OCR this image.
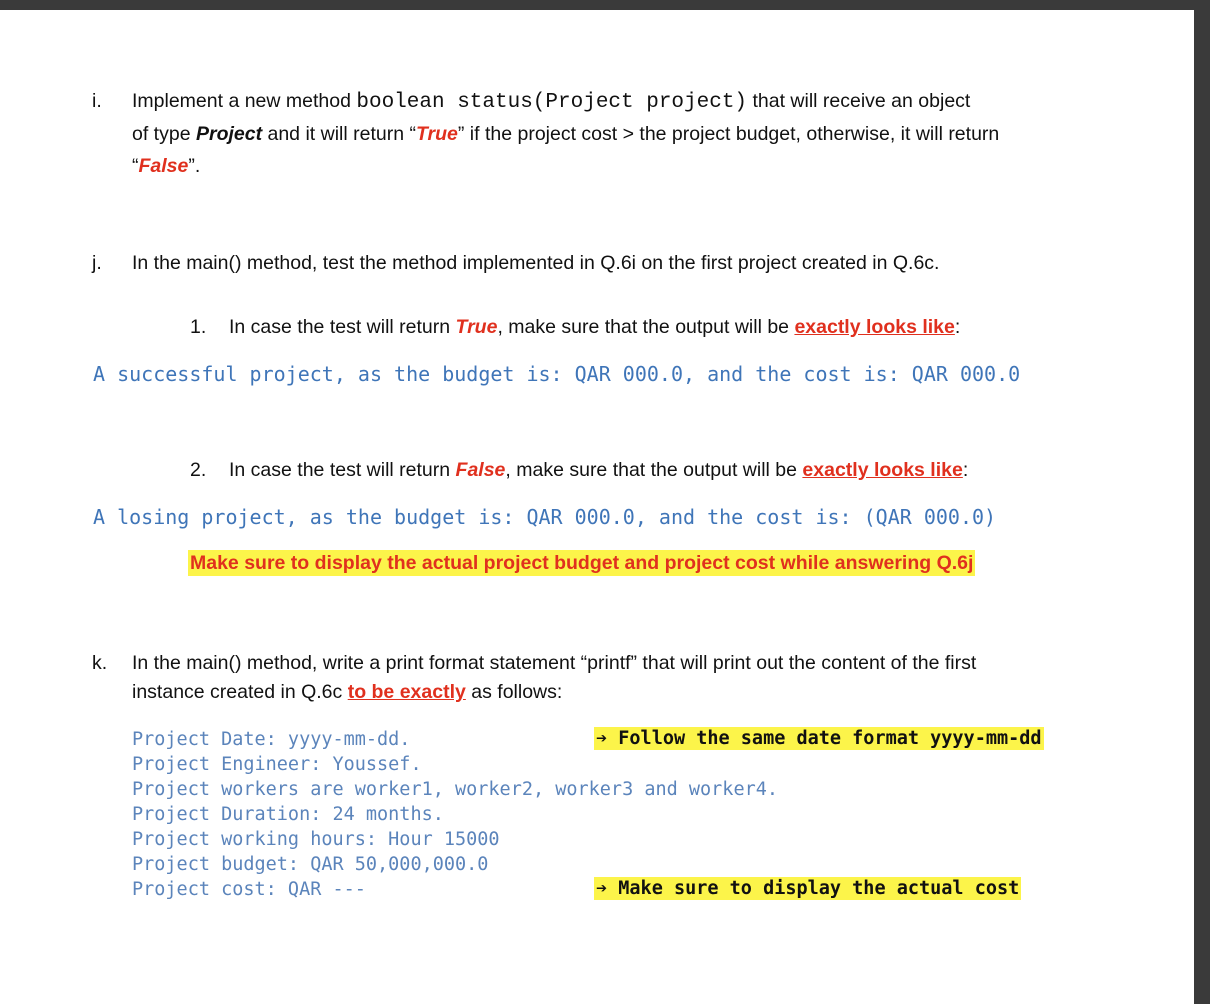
i. Implement a new method boolean status(Project project) that will receive an object
of type Project and it will return “True” if the project cost > the project budget, otherwise, it will return
“False”.
j. In the main() method, test the method implemented in Q.6i on the first project created in Q.6c.
1. In case the test will return True, make sure that the output will be exactly looks like:
A successful project, as the budget is: QAR 000.0, and the cost is: QAR 000.0
2. In case the test will return False, make sure that the output will be exactly looks like:
A losing project, as the budget is: QAR 000.0, and the cost is: (QAR 000.0)
Make sure to display the actual project budget and project cost while answering Q.6j
k. In the main() method, write a print format statement “printf” that will print out the content of the first
instance created in Q.6c to be exactly as follows:
Project Date: yyyy-mm-dd.
Project Engineer: Youssef.
Project workers are worker1, worker2, worker3 and worker4.
Project Duration: 24 months.
Project working hours: Hour 15000
Project budget: QAR 50,000,000.0
Project cost: QAR ---
➔ Follow the same date format yyyy-mm-dd
➔ Make sure to display the actual cost
